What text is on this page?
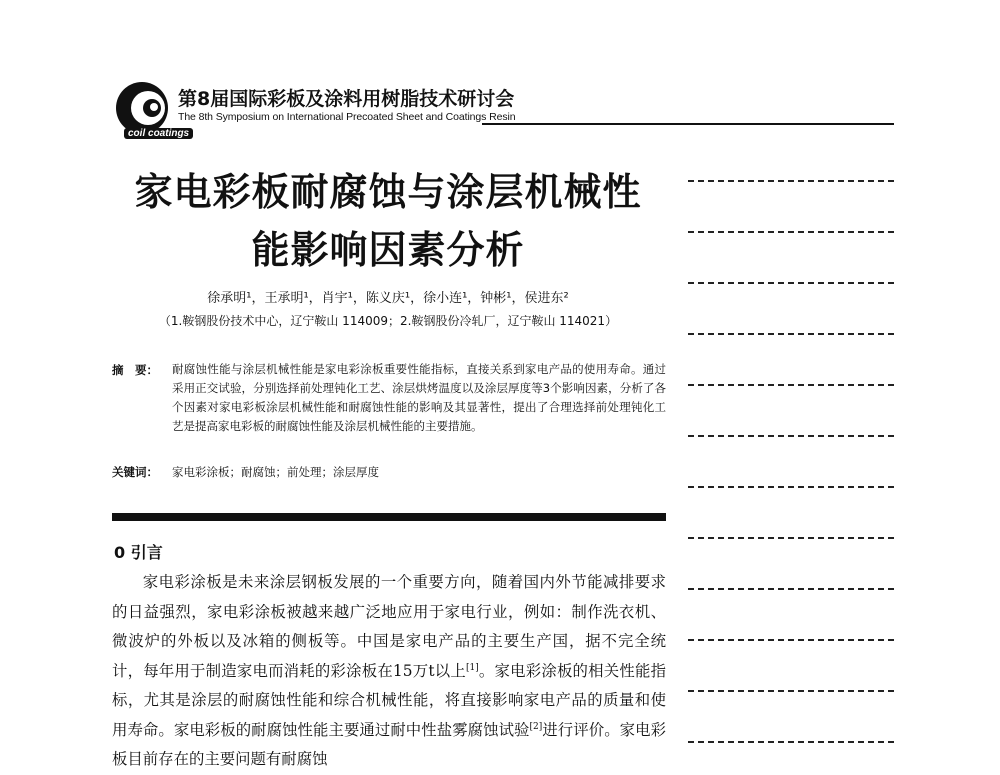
coil coatings
第8届国际彩板及涂料用树脂技术研讨会
The 8th Symposium on International Precoated Sheet and Coatings Resin
家电彩板耐腐蚀与涂层机械性
能影响因素分析
徐承明¹，王承明¹，肖宇¹，陈义庆¹，徐小连¹，钟彬¹，侯进东²
（1.鞍钢股份技术中心，辽宁鞍山 114009；2.鞍钢股份冷轧厂，辽宁鞍山 114021）
摘　要： 耐腐蚀性能与涂层机械性能是家电彩涂板重要性能指标，直接关系到家电产品的使用寿命。通过采用正交试验，分别选择前处理钝化工艺、涂层烘烤温度以及涂层厚度等3个影响因素，分析了各个因素对家电彩板涂层机械性能和耐腐蚀性能的影响及其显著性，提出了合理选择前处理钝化工艺是提高家电彩板的耐腐蚀性能及涂层机械性能的主要措施。
关键词： 家电彩涂板；耐腐蚀；前处理；涂层厚度
0 引言

家电彩涂板是未来涂层钢板发展的一个重要方向，随着国内外节能减排要求的日益强烈，家电彩涂板被越来越广泛地应用于家电行业，例如：制作洗衣机、微波炉的外板以及冰箱的侧板等。中国是家电产品的主要生产国，据不完全统计，每年用于制造家电而消耗的彩涂板在15万t以上[1]。家电彩涂板的相关性能指标，尤其是涂层的耐腐蚀性能和综合机械性能，将直接影响家电产品的质量和使用寿命。家电彩板的耐腐蚀性能主要通过耐中性盐雾腐蚀试验[2]进行评价。家电彩板目前存在的主要问题有耐腐蚀
